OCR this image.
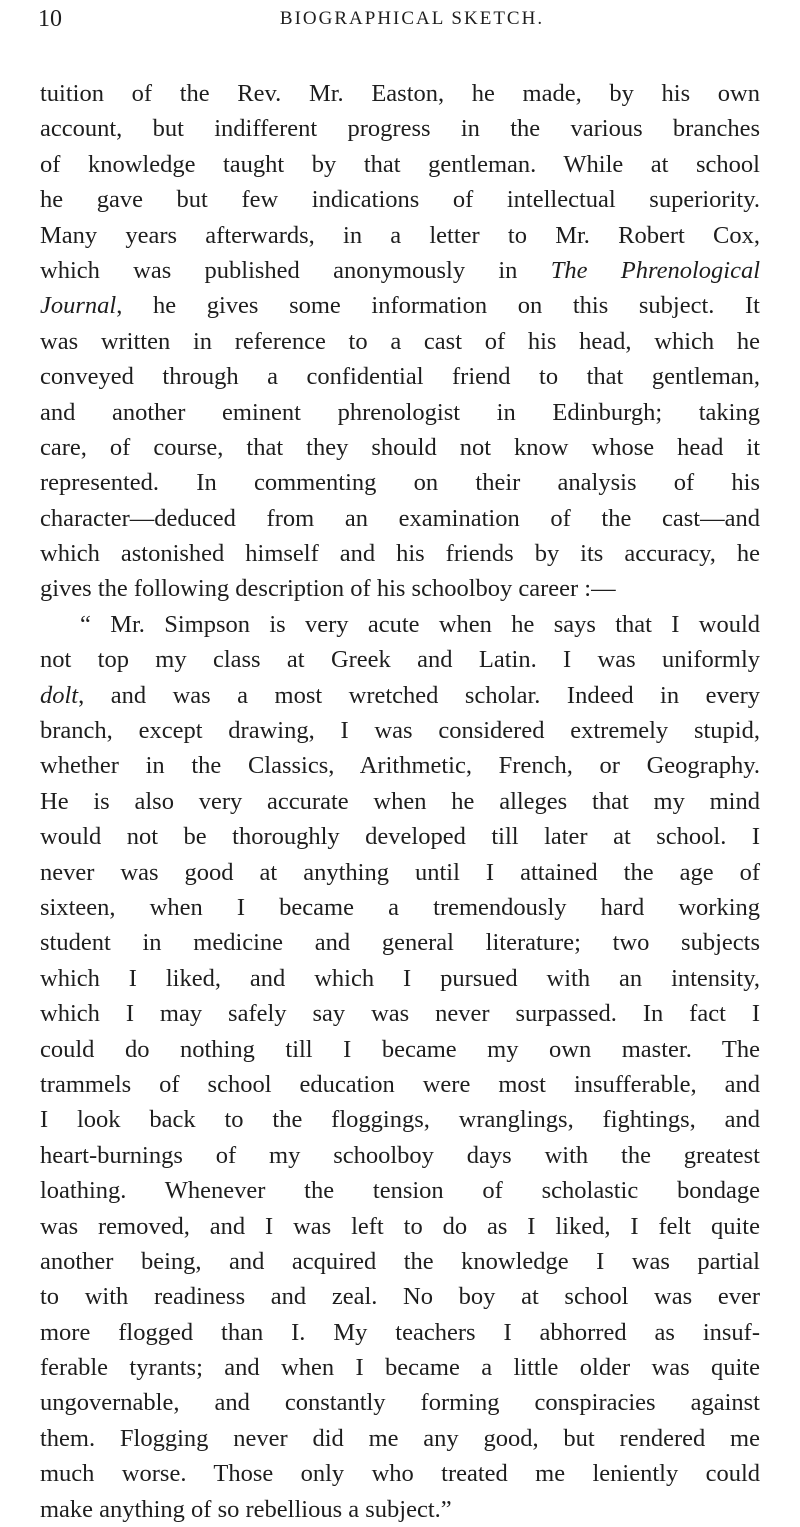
10	BIOGRAPHICAL SKETCH.
tuition of the Rev. Mr. Easton, he made, by his own
account, but indifferent progress in the various branches
of knowledge taught by that gentleman. While at school
he gave but few indications of intellectual superiority.
Many years afterwards, in a letter to Mr. Robert Cox,
which was published anonymously in The Phrenological
Journal, he gives some information on this subject. It
was written in reference to a cast of his head, which he
conveyed through a confidential friend to that gentleman,
and another eminent phrenologist in Edinburgh; taking
care, of course, that they should not know whose head it
represented. In commenting on their analysis of his
character—deduced from an examination of the cast—and
which astonished himself and his friends by its accuracy, he
gives the following description of his schoolboy career :—
“ Mr. Simpson is very acute when he says that I would
not top my class at Greek and Latin. I was uniformly
dolt, and was a most wretched scholar. Indeed in every
branch, except drawing, I was considered extremely stupid,
whether in the Classics, Arithmetic, French, or Geography.
He is also very accurate when he alleges that my mind
would not be thoroughly developed till later at school. I
never was good at anything until I attained the age of
sixteen, when I became a tremendously hard working
student in medicine and general literature; two subjects
which I liked, and which I pursued with an intensity,
which I may safely say was never surpassed. In fact I
could do nothing till I became my own master. The
trammels of school education were most insufferable, and
I look back to the floggings, wranglings, fightings, and
heart-burnings of my schoolboy days with the greatest
loathing. Whenever the tension of scholastic bondage
was removed, and I was left to do as I liked, I felt quite
another being, and acquired the knowledge I was partial
to with readiness and zeal. No boy at school was ever
more flogged than I. My teachers I abhorred as insuf-
ferable tyrants; and when I became a little older was quite
ungovernable, and constantly forming conspiracies against
them. Flogging never did me any good, but rendered me
much worse. Those only who treated me leniently could
make anything of so rebellious a subject.”
